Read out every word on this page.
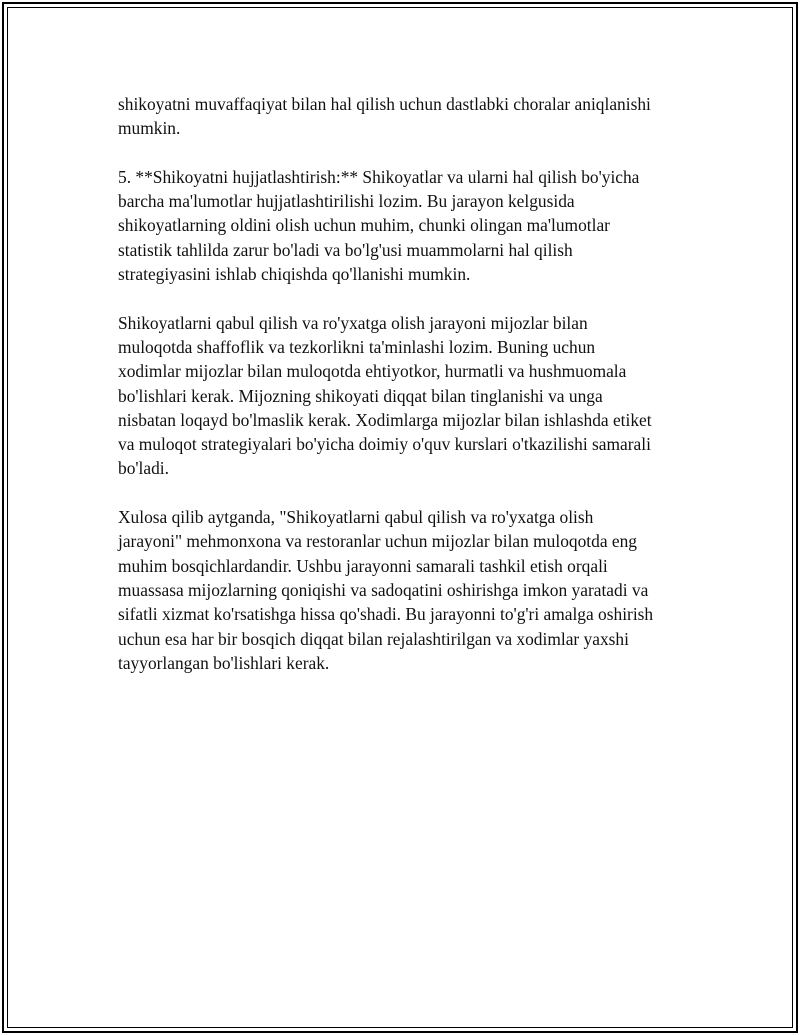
shikoyatni muvaffaqiyat bilan hal qilish uchun dastlabki choralar aniqlanishi
mumkin.

5. **Shikoyatni hujjatlashtirish:** Shikoyatlar va ularni hal qilish bo'yicha
barcha ma'lumotlar hujjatlashtirilishi lozim. Bu jarayon kelgusida
shikoyatlarning oldini olish uchun muhim, chunki olingan ma'lumotlar
statistik tahlilda zarur bo'ladi va bo'lg'usi muammolarni hal qilish
strategiyasini ishlab chiqishda qo'llanishi mumkin.

Shikoyatlarni qabul qilish va ro'yxatga olish jarayoni mijozlar bilan
muloqotda shaffoflik va tezkorlikni ta'minlashi lozim. Buning uchun
xodimlar mijozlar bilan muloqotda ehtiyotkor, hurmatli va hushmuomala
bo'lishlari kerak. Mijozning shikoyati diqqat bilan tinglanishi va unga
nisbatan loqayd bo'lmaslik kerak. Xodimlarga mijozlar bilan ishlashda etiket
va muloqot strategiyalari bo'yicha doimiy o'quv kurslari o'tkazilishi samarali
bo'ladi.

Xulosa qilib aytganda, "Shikoyatlarni qabul qilish va ro'yxatga olish
jarayoni" mehmonxona va restoranlar uchun mijozlar bilan muloqotda eng
muhim bosqichlardandir. Ushbu jarayonni samarali tashkil etish orqali
muassasa mijozlarning qoniqishi va sadoqatini oshirishga imkon yaratadi va
sifatli xizmat ko'rsatishga hissa qo'shadi. Bu jarayonni to'g'ri amalga oshirish
uchun esa har bir bosqich diqqat bilan rejalashtirilgan va xodimlar yaxshi
tayyorlangan bo'lishlari kerak.
